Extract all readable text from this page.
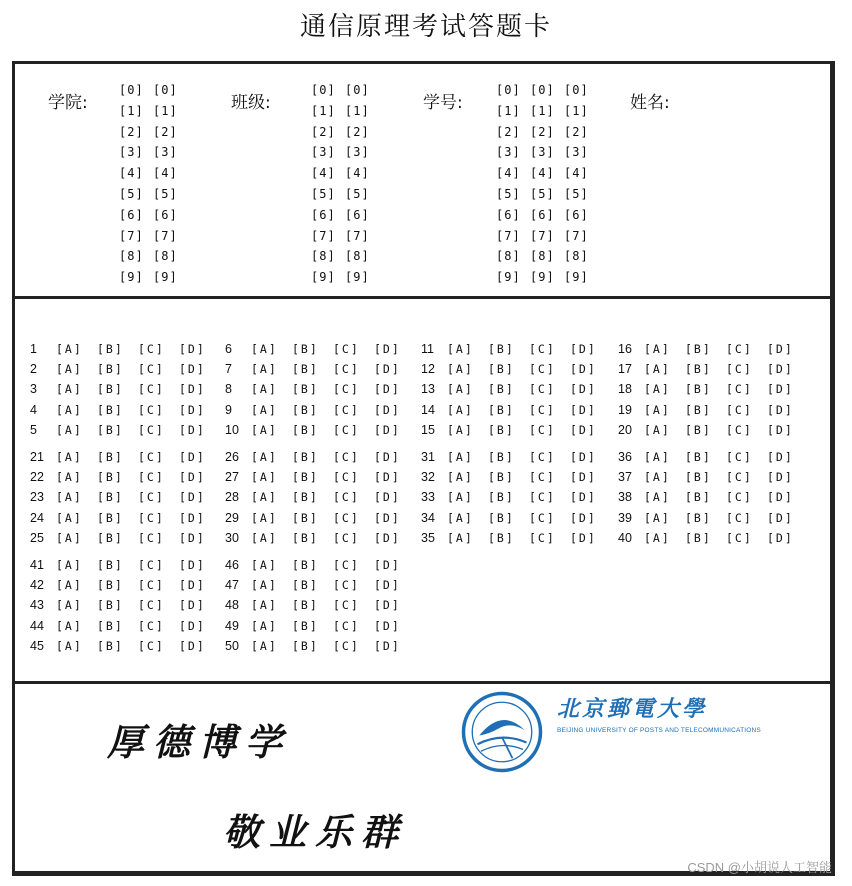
通信原理考试答题卡
学院:
[0]
[1]
[2]
[3]
[4]
[5]
[6]
[7]
[8]
[9]
[0]
[1]
[2]
[3]
[4]
[5]
[6]
[7]
[8]
[9]
班级:
[0]
[1]
[2]
[3]
[4]
[5]
[6]
[7]
[8]
[9]
[0]
[1]
[2]
[3]
[4]
[5]
[6]
[7]
[8]
[9]
学号:
[0]
[1]
[2]
[3]
[4]
[5]
[6]
[7]
[8]
[9]
[0]
[1]
[2]
[3]
[4]
[5]
[6]
[7]
[8]
[9]
[0]
[1]
[2]
[3]
[4]
[5]
[6]
[7]
[8]
[9]
姓名:
1 [A] [B] [C] [D]
2 [A] [B] [C] [D]
3 [A] [B] [C] [D]
4 [A] [B] [C] [D]
5 [A] [B] [C] [D]
6 [A] [B] [C] [D]
7 [A] [B] [C] [D]
8 [A] [B] [C] [D]
9 [A] [B] [C] [D]
10 [A] [B] [C] [D]
11 [A] [B] [C] [D]
12 [A] [B] [C] [D]
13 [A] [B] [C] [D]
14 [A] [B] [C] [D]
15 [A] [B] [C] [D]
16 [A] [B] [C] [D]
17 [A] [B] [C] [D]
18 [A] [B] [C] [D]
19 [A] [B] [C] [D]
20 [A] [B] [C] [D]
21 [A] [B] [C] [D]
22 [A] [B] [C] [D]
23 [A] [B] [C] [D]
24 [A] [B] [C] [D]
25 [A] [B] [C] [D]
26 [A] [B] [C] [D]
27 [A] [B] [C] [D]
28 [A] [B] [C] [D]
29 [A] [B] [C] [D]
30 [A] [B] [C] [D]
31 [A] [B] [C] [D]
32 [A] [B] [C] [D]
33 [A] [B] [C] [D]
34 [A] [B] [C] [D]
35 [A] [B] [C] [D]
36 [A] [B] [C] [D]
37 [A] [B] [C] [D]
38 [A] [B] [C] [D]
39 [A] [B] [C] [D]
40 [A] [B] [C] [D]
41 [A] [B] [C] [D]
42 [A] [B] [C] [D]
43 [A] [B] [C] [D]
44 [A] [B] [C] [D]
45 [A] [B] [C] [D]
46 [A] [B] [C] [D]
47 [A] [B] [C] [D]
48 [A] [B] [C] [D]
49 [A] [B] [C] [D]
50 [A] [B] [C] [D]
厚德博学
敬业乐群
北京郵電大學
BEIJING UNIVERSITY OF POSTS AND TELECOMMUNICATIONS
CSDN @小胡说人工智能
